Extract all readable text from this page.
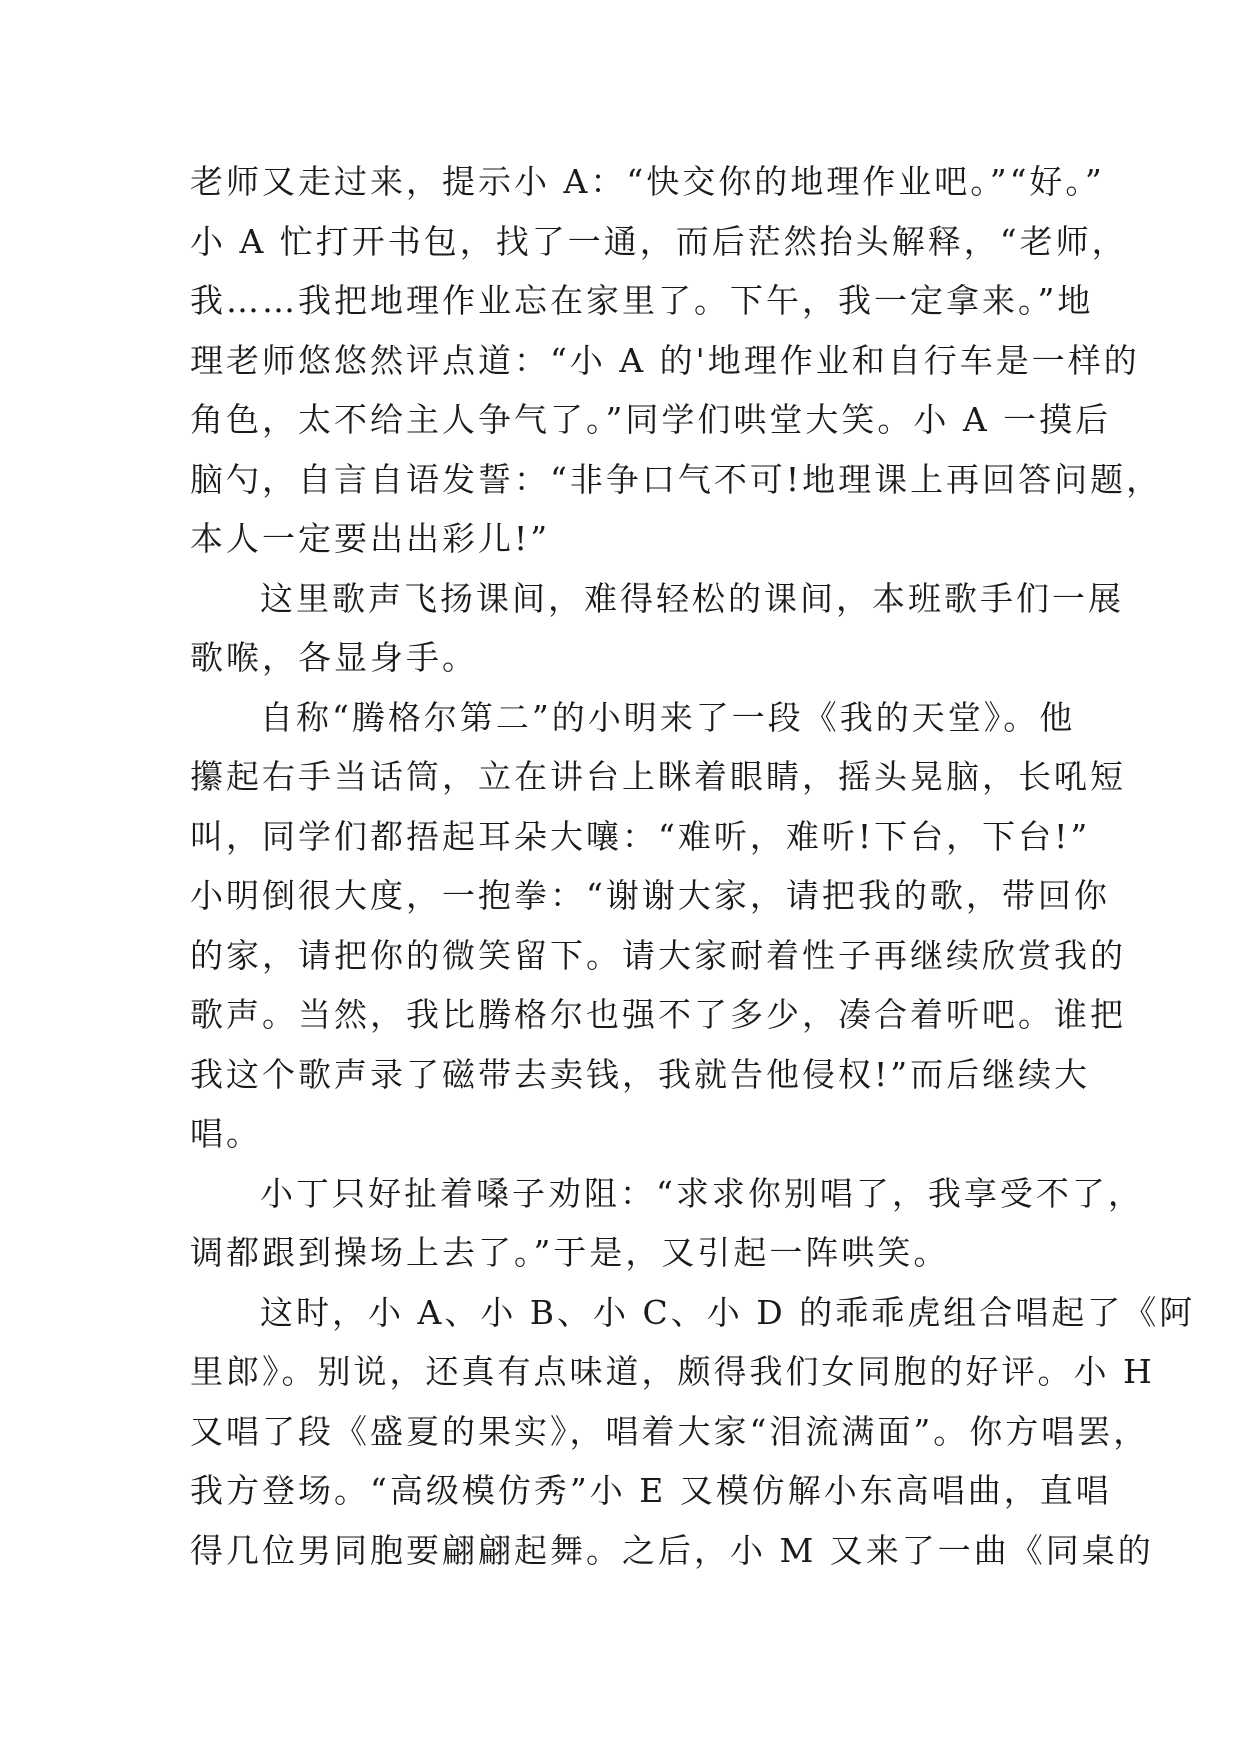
老师又走过来，提示小 A：“快交你的地理作业吧。”“好。”
小 A 忙打开书包，找了一通，而后茫然抬头解释，“老师，
我……我把地理作业忘在家里了。下午，我一定拿来。”地
理老师悠悠然评点道：“小 A 的'地理作业和自行车是一样的
角色，太不给主人争气了。”同学们哄堂大笑。小 A 一摸后
脑勺，自言自语发誓：“非争口气不可!地理课上再回答问题，
本人一定要出出彩儿!”
这里歌声飞扬课间，难得轻松的课间，本班歌手们一展
歌喉，各显身手。
自称“腾格尔第二”的小明来了一段《我的天堂》。他
攥起右手当话筒，立在讲台上眯着眼睛，摇头晃脑，长吼短
叫，同学们都捂起耳朵大嚷：“难听，难听!下台，下台!”
小明倒很大度，一抱拳：“谢谢大家，请把我的歌，带回你
的家，请把你的微笑留下。请大家耐着性子再继续欣赏我的
歌声。当然，我比腾格尔也强不了多少，凑合着听吧。谁把
我这个歌声录了磁带去卖钱，我就告他侵权!”而后继续大
唱。
小丁只好扯着嗓子劝阻：“求求你别唱了，我享受不了，
调都跟到操场上去了。”于是，又引起一阵哄笑。
这时，小 A、小 B、小 C、小 D 的乖乖虎组合唱起了《阿
里郎》。别说，还真有点味道，颇得我们女同胞的好评。小 H
又唱了段《盛夏的果实》，唱着大家“泪流满面”。你方唱罢，
我方登场。“高级模仿秀”小 E 又模仿解小东高唱曲，直唱
得几位男同胞要翩翩起舞。之后，小 M 又来了一曲《同桌的
